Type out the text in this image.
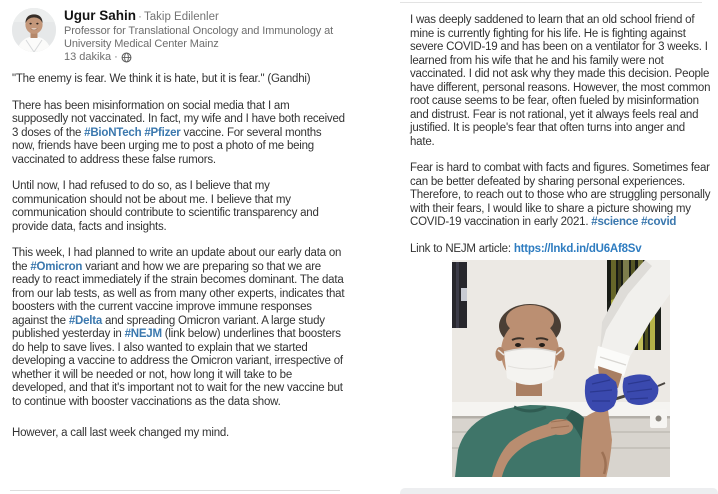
Ugur Sahin · Takip Edilenler
Professor for Translational Oncology and Immunology at University Medical Center Mainz
13 dakika ·

"The enemy is fear. We think it is hate, but it is fear." (Gandhi)

There has been misinformation on social media that I am supposedly not vaccinated. In fact, my wife and I have both received 3 doses of the #BioNTech #Pfizer vaccine. For several months now, friends have been urging me to post a photo of me being vaccinated to address these false rumors.

Until now, I had refused to do so, as I believe that my communication should not be about me. I believe that my communication should contribute to scientific transparency and provide data, facts and insights.

This week, I had planned to write an update about our early data on the #Omicron variant and how we are preparing so that we are ready to react immediately if the strain becomes dominant. The data from our lab tests, as well as from many other experts, indicates that boosters with the current vaccine improve immune responses against the #Delta and spreading Omicron variant. A large study published yesterday in #NEJM (link below) underlines that boosters do help to save lives. I also wanted to explain that we started developing a vaccine to address the Omicron variant, irrespective of whether it will be needed or not, how long it will take to be developed, and that it's important not to wait for the new vaccine but to continue with booster vaccinations as the data show.

However, a call last week changed my mind.

I was deeply saddened to learn that an old school friend of mine is currently fighting for his life. He is fighting against severe COVID-19 and has been on a ventilator for 3 weeks. I learned from his wife that he and his family were not vaccinated. I did not ask why they made this decision. People have different, personal reasons. However, the most common root cause seems to be fear, often fueled by misinformation and distrust. Fear is not rational, yet it always feels real and justified. It is people's fear that often turns into anger and hate.

Fear is hard to combat with facts and figures. Sometimes fear can be better defeated by sharing personal experiences. Therefore, to reach out to those who are struggling personally with their fears, I would like to share a picture showing my COVID-19 vaccination in early 2021. #science #covid

Link to NEJM article: https://lnkd.in/dU6Af8Sv
